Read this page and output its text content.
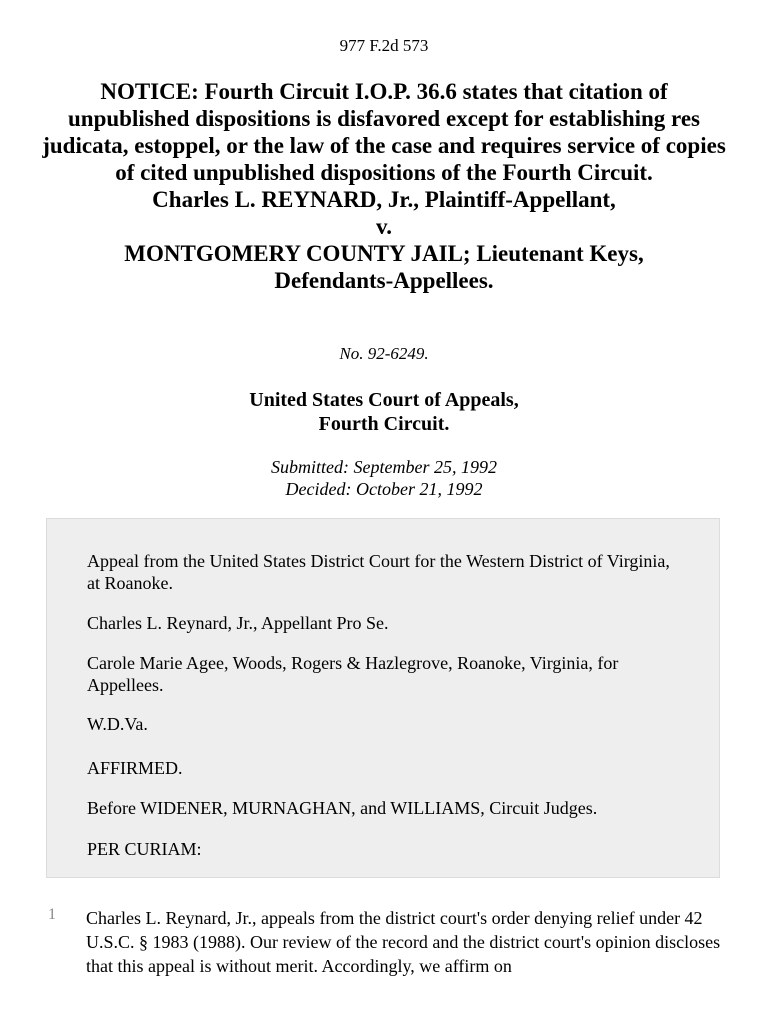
977 F.2d 573
NOTICE: Fourth Circuit I.O.P. 36.6 states that citation of unpublished dispositions is disfavored except for establishing res judicata, estoppel, or the law of the case and requires service of copies of cited unpublished dispositions of the Fourth Circuit.
Charles L. REYNARD, Jr., Plaintiff-Appellant,
v.
MONTGOMERY COUNTY JAIL; Lieutenant Keys,
Defendants-Appellees.
No. 92-6249.
United States Court of Appeals,
Fourth Circuit.
Submitted: September 25, 1992
Decided: October 21, 1992

Appeal from the United States District Court for the Western District of Virginia, at Roanoke.

Charles L. Reynard, Jr., Appellant Pro Se.

Carole Marie Agee, Woods, Rogers & Hazlegrove, Roanoke, Virginia, for Appellees.

W.D.Va.

AFFIRMED.

Before WIDENER, MURNAGHAN, and WILLIAMS, Circuit Judges.

PER CURIAM:

1 Charles L. Reynard, Jr., appeals from the district court's order denying relief under 42 U.S.C. § 1983 (1988). Our review of the record and the district court's opinion discloses that this appeal is without merit. Accordingly, we affirm on
